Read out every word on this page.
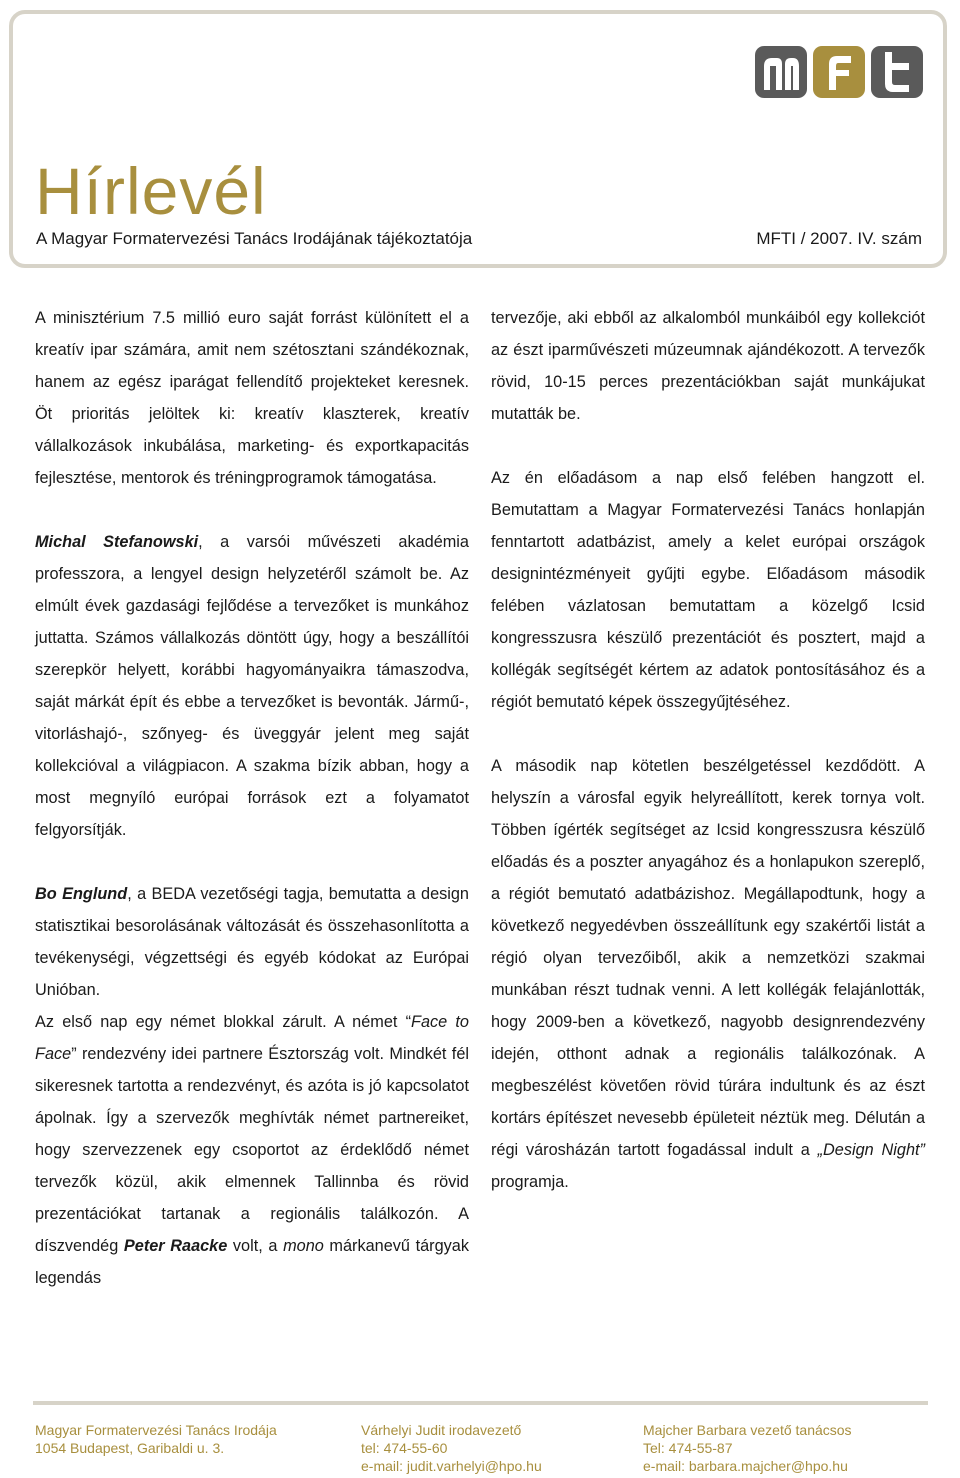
Hírlevél
A Magyar Formatervezési Tanács Irodájának tájékoztatója	MFTI / 2007. IV. szám

A minisztérium 7.5 millió euro saját forrást különített el a kreatív ipar számára, amit nem szétosztani szándékoznak, hanem az egész iparágat fellendítő projekteket keresnek. Öt prioritás jelöltek ki: kreatív klaszterek, kreatív vállalkozások inkubálása, marketing- és exportkapacitás fejlesztése, mentorok és tréningprogramok támogatása.

Michal Stefanowski, a varsói művészeti akadémia professzora, a lengyel design helyzetéről számolt be. Az elmúlt évek gazdasági fejlődése a tervezőket is munkához juttatta. Számos vállalkozás döntött úgy, hogy a beszállítói szerepkör helyett, korábbi hagyományaikra támaszodva, saját márkát épít és ebbe a tervezőket is bevonták. Jármű-, vitorláshajó-, szőnyeg- és üveggyár jelent meg saját kollekcióval a világpiacon. A szakma bízik abban, hogy a most megnyíló európai források ezt a folyamatot felgyorsítják.

Bo Englund, a BEDA vezetőségi tagja, bemutatta a design statisztikai besorolásának változását és összehasonlította a tevékenységi, végzettségi és egyéb kódokat az Európai Unióban.

Az első nap egy német blokkal zárult. A német “Face to Face” rendezvény idei partnere Észtország volt. Mindkét fél sikeresnek tartotta a rendezvényt, és azóta is jó kapcsolatot ápolnak. Így a szervezők meghívták német partnereiket, hogy szervezzenek egy csoportot az érdeklődő német tervezők közül, akik elmennek Tallinnba és rövid prezentációkat tartanak a regionális találkozón. A díszvendég Peter Raacke volt, a mono márkanevű tárgyak legendás

tervezője, aki ebből az alkalomból munkáiból egy kollekciót az észt iparművészeti múzeumnak ajándékozott. A tervezők rövid, 10-15 perces prezentációkban saját munkájukat mutatták be.

Az én előadásom a nap első felében hangzott el. Bemutattam a Magyar Formatervezési Tanács honlapján fenntartott adatbázist, amely a kelet európai országok designintézményeit gyűjti egybe. Előadásom második felében vázlatosan bemutattam a közelgő Icsid kongresszusra készülő prezentációt és posztert, majd a kollégák segítségét kértem az adatok pontosításához és a régiót bemutató képek összegyűjtéséhez.

A második nap kötetlen beszélgetéssel kezdődött. A helyszín a városfal egyik helyreállított, kerek tornya volt. Többen ígérték segítséget az Icsid kongresszusra készülő előadás és a poszter anyagához és a honlapukon szereplő, a régiót bemutató adatbázishoz. Megállapodtunk, hogy a következő negyedévben összeállítunk egy szakértői listát a régió olyan tervezőiből, akik a nemzetközi szakmai munkában részt tudnak venni. A lett kollégák felajánlották, hogy 2009-ben a következő, nagyobb designrendezvény idején, otthont adnak a regionális találkozónak. A megbeszélést követően rövid túrára indultunk és az észt kortárs építészet nevesebb épületeit néztük meg. Délután a régi városházán tartott fogadással indult a „Design Night” programja.

Magyar Formatervezési Tanács Irodája
1054 Budapest, Garibaldi u. 3.
Várhelyi Judit irodavezető
tel: 474-55-60
e-mail: judit.varhelyi@hpo.hu
Majcher Barbara vezető tanácsos
Tel: 474-55-87
e-mail: barbara.majcher@hpo.hu
